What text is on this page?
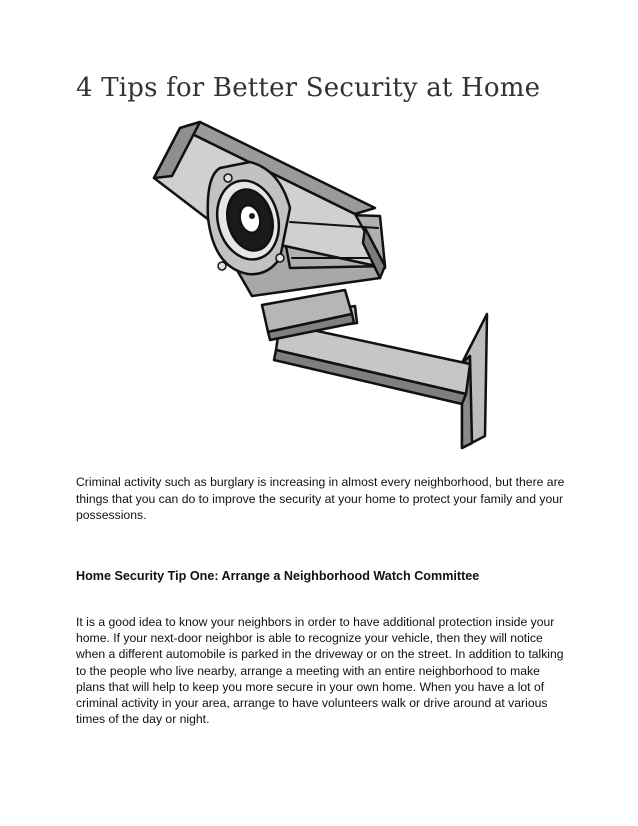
4 Tips for Better Security at Home

Criminal activity such as burglary is increasing in almost every neighborhood, but there are things that you can do to improve the security at your home to protect your family and your possessions.

Home Security Tip One: Arrange a Neighborhood Watch Committee

It is a good idea to know your neighbors in order to have additional protection inside your home. If your next-door neighbor is able to recognize your vehicle, then they will notice when a different automobile is parked in the driveway or on the street. In addition to talking to the people who live nearby, arrange a meeting with an entire neighborhood to make plans that will help to keep you more secure in your own home. When you have a lot of criminal activity in your area, arrange to have volunteers walk or drive around at various times of the day or night.
